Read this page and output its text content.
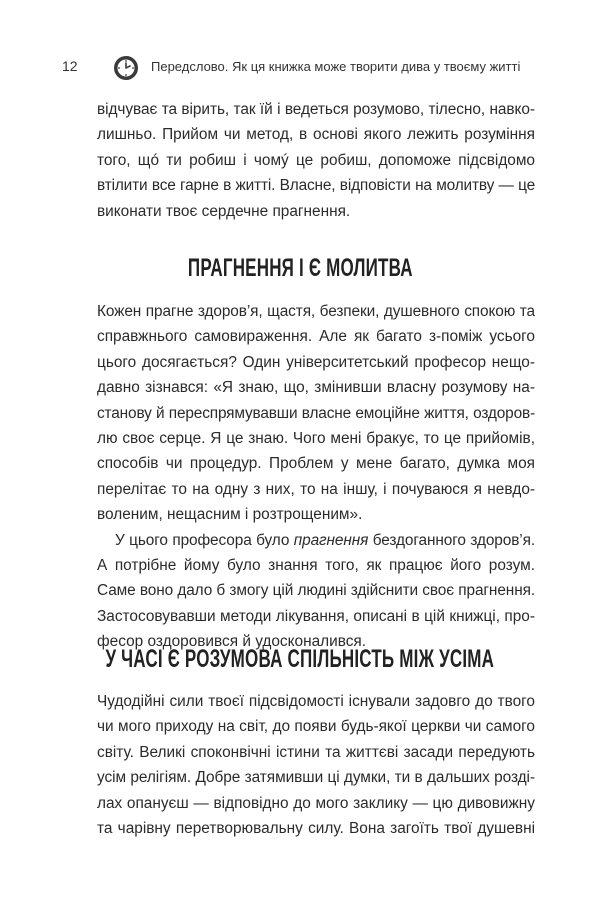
12	Передслово. Як ця книжка може творити дива у твоєму житті
відчуває та вірить, так їй і ведеться розумово, тілесно, навко-
лишньо. Прийом чи метод, в основі якого лежить розуміння
того, щó ти робиш і чомý це робиш, допоможе підсвідомо
втілити все гарне в житті. Власне, відповісти на молитву — це
виконати твоє сердечне прагнення.
ПРАГНЕННЯ І Є МОЛИТВА
Кожен прагне здоров’я, щастя, безпеки, душевного спокою та
справжнього самовираження. Але як багато з-поміж усього
цього досягається? Один університетський професор нещо-
давно зізнався: «Я знаю, що, змінивши власну розумову на-
станову й переспрямувавши власне емоційне життя, оздоров-
лю своє серце. Я це знаю. Чого мені бракує, то це прийомів,
способів чи процедур. Проблем у мене багато, думка моя
перелітає то на одну з них, то на іншу, і почуваюся я невдо-
воленим, нещасним і розтрощеним».
У цього професора було прагнення бездоганного здоров’я.
А потрібне йому було знання того, як працює його розум.
Саме воно дало б змогу цій людині здійснити своє прагнення.
Застосовувавши методи лікування, описані в цій книжці, про-
фесор оздоровився й удосконалився.
У ЧАСІ Є РОЗУМОВА СПІЛЬНІСТЬ МІЖ УСІМА
Чудодійні сили твоєї підсвідомості існували задовго до твого
чи мого приходу на світ, до появи будь-якої церкви чи самого
світу. Великі споконвічні істини та життєві засади передують
усім релігіям. Добре затямивши ці думки, ти в дальших розді-
лах опануєш — відповідно до мого заклику — цю дивовижну
та чарівну перетворювальну силу. Вона загоїть твої душевні
